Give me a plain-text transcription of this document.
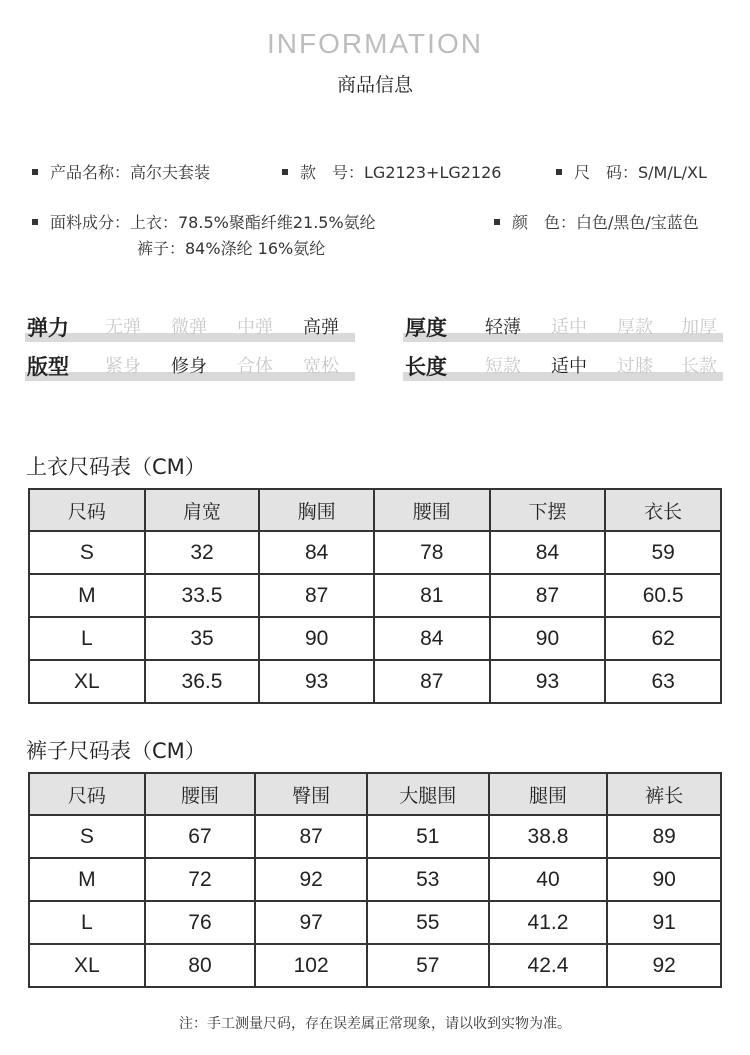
INFORMATION
商品信息
产品名称：高尔夫套装	款　号：LG2123+LG2126	尺　码：S/M/L/XL
面料成分：上衣：78.5%聚酯纤维21.5%氨纶
裤子：84%涤纶 16%氨纶
颜　色：白色/黑色/宝蓝色
弹力	无弹	微弹	中弹	高弹	厚度	轻薄	适中	厚款	加厚
版型	紧身	修身	合体	宽松	长度	短款	适中	过膝	长款
上衣尺码表（CM）
尺码	肩宽	胸围	腰围	下摆	衣长
S	32	84	78	84	59
M	33.5	87	81	87	60.5
L	35	90	84	90	62
XL	36.5	93	87	93	63
裤子尺码表（CM）
尺码	腰围	臀围	大腿围	腿围	裤长
S	67	87	51	38.8	89
M	72	92	53	40	90
L	76	97	55	41.2	91
XL	80	102	57	42.4	92
注：手工测量尺码，存在误差属正常现象，请以收到实物为准。
